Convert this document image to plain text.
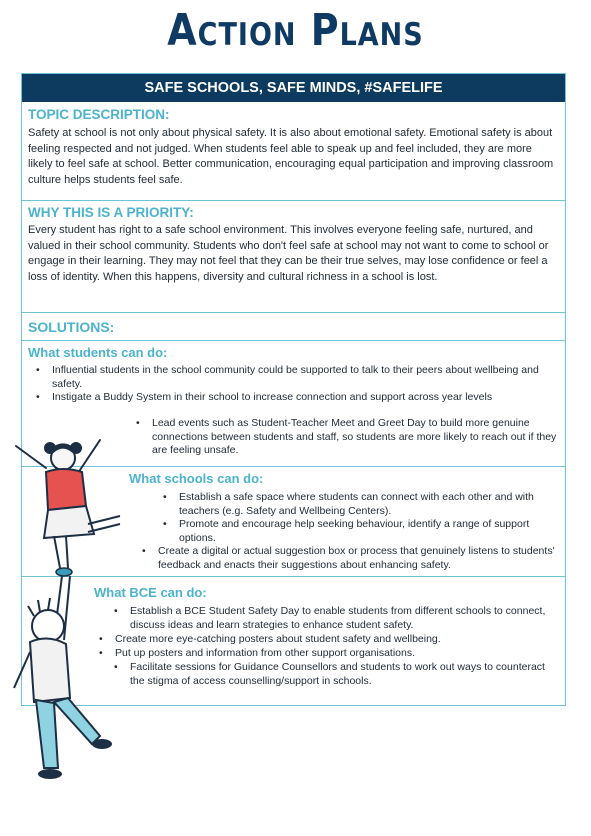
Action Plans
SAFE SCHOOLS, SAFE MINDS, #SAFELIFE
TOPIC DESCRIPTION:
Safety at school is not only about physical safety. It is also about emotional safety. Emotional safety is about feeling respected and not judged. When students feel able to speak up and feel included, they are more likely to feel safe at school. Better communication, encouraging equal participation and improving classroom culture helps students feel safe.
WHY THIS IS A PRIORITY:
Every student has right to a safe school environment. This involves everyone feeling safe, nurtured, and valued in their school community. Students who don't feel safe at school may not want to come to school or engage in their learning. They may not feel that they can be their true selves, may lose confidence or feel a loss of identity. When this happens, diversity and cultural richness in a school is lost.
SOLUTIONS:
What students can do:
• Influential students in the school community could be supported to talk to their peers about wellbeing and safety.
• Instigate a Buddy System in their school to increase connection and support across year levels
• Lead events such as Student-Teacher Meet and Greet Day to build more genuine connections between students and staff, so students are more likely to reach out if they are feeling unsafe.
What schools can do:
• Establish a safe space where students can connect with each other and with teachers (e.g. Safety and Wellbeing Centers).
• Promote and encourage help seeking behaviour, identify a range of support options.
• Create a digital or actual suggestion box or process that genuinely listens to students' feedback and enacts their suggestions about enhancing safety.
What BCE can do:
• Establish a BCE Student Safety Day to enable students from different schools to connect, discuss ideas and learn strategies to enhance student safety.
• Create more eye-catching posters about student safety and wellbeing.
• Put up posters and information from other support organisations.
• Facilitate sessions for Guidance Counsellors and students to work out ways to counteract the stigma of access counselling/support in schools.
